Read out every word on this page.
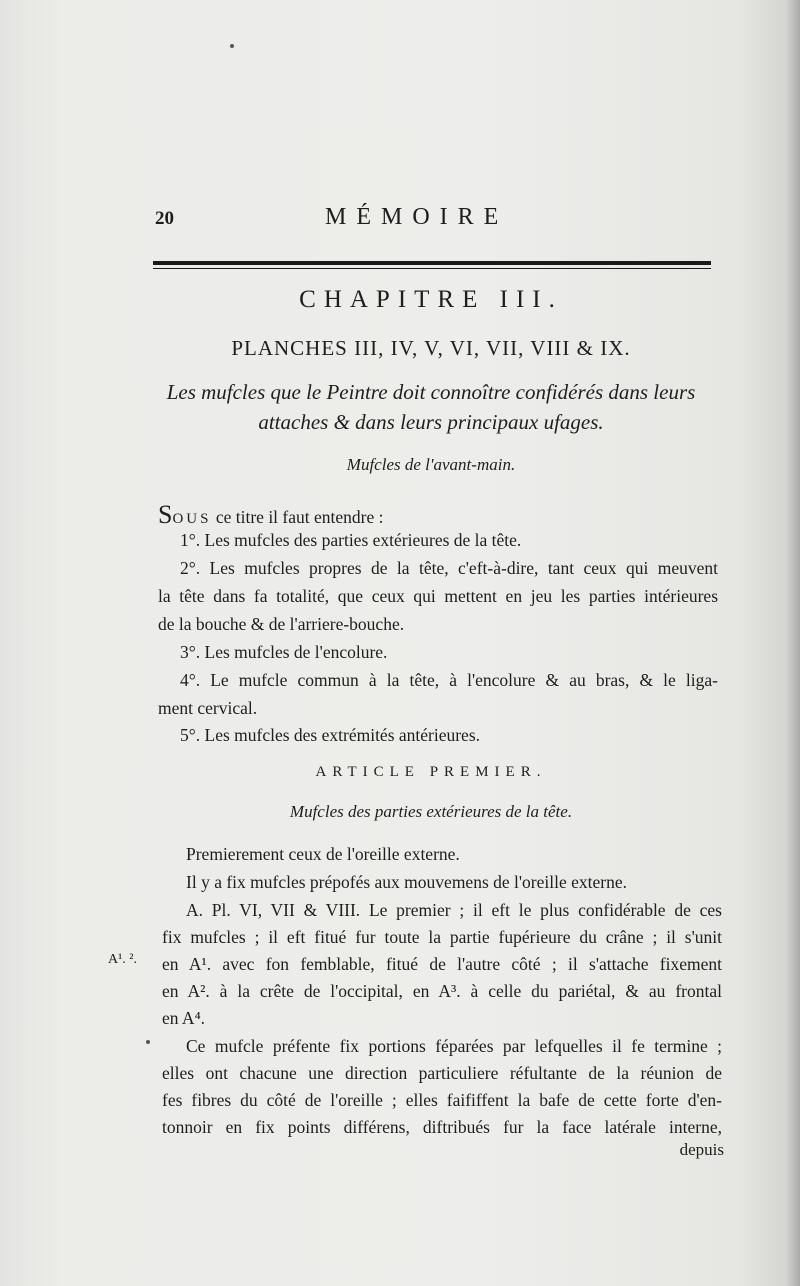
20	MÉMOIRE
CHAPITRE III.
PLANCHES III, IV, V, VI, VII, VIII & IX.
Les mufcles que le Peintre doit connoître confidérés dans leurs
attaches & dans leurs principaux ufages.
Mufcles de l'avant-main.
SOUS ce titre il faut entendre :
1°. Les mufcles des parties extérieures de la tête.
2°. Les mufcles propres de la tête, c'eft-à-dire, tant ceux qui meuvent
la tête dans fa totalité, que ceux qui mettent en jeu les parties intérieures
de la bouche & de l'arriere-bouche.
3°. Les mufcles de l'encolure.
4°. Le mufcle commun à la tête, à l'encolure & au bras, & le liga-
ment cervical.
5°. Les mufcles des extrémités antérieures.
ARTICLE PREMIER.
Mufcles des parties extérieures de la tête.
Premierement ceux de l'oreille externe.
Il y a fix mufcles prépofés aux mouvemens de l'oreille externe.
A. Pl. VI, VII & VIII. Le premier ; il eft le plus confidérable de ces
fix mufcles ; il eft fitué fur toute la partie fupérieure du crâne ; il s'unit
en A¹. avec fon femblable, fitué de l'autre côté ; il s'attache fixement
en A². à la crête de l'occipital, en A³. à celle du pariétal, & au frontal
en A⁴.
Ce mufcle préfente fix portions féparées par lefquelles il fe termine ;
elles ont chacune une direction particuliere réfultante de la réunion de
fes fibres du côté de l'oreille ; elles faififfent la bafe de cette forte d'en-
tonnoir en fix points différens, diftribués fur la face latérale interne,
A¹. ².
depuis
